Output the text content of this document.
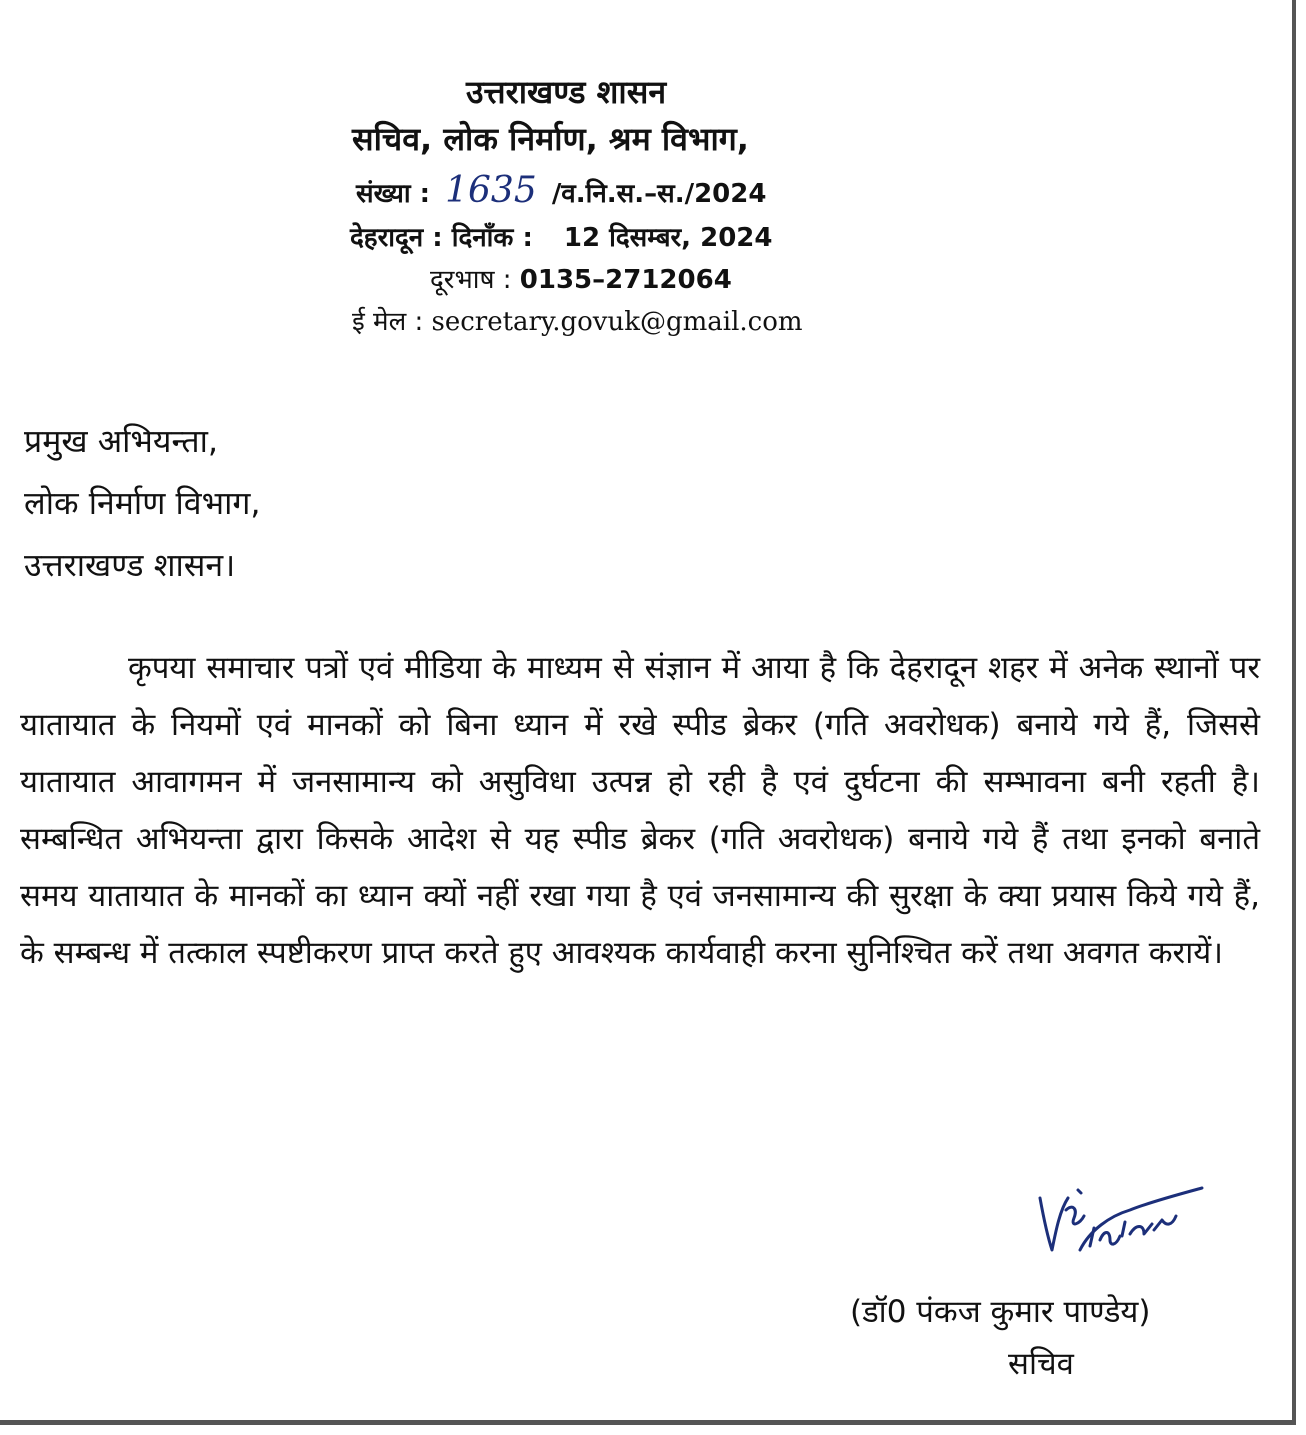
उत्तराखण्ड शासन
सचिव, लोक निर्माण, श्रम विभाग,
संख्या : 1635 /व.नि.स.–स./2024
देहरादून : दिनाँक : 12 दिसम्बर, 2024
दूरभाष : 0135–2712064
ई मेल : secretary.govuk@gmail.com
प्रमुख अभियन्ता,
लोक निर्माण विभाग,
उत्तराखण्ड शासन।
कृपया समाचार पत्रों एवं मीडिया के माध्यम से संज्ञान में आया है कि देहरादून शहर में अनेक स्थानों पर यातायात के नियमों एवं मानकों को बिना ध्यान में रखे स्पीड ब्रेकर (गति अवरोधक) बनाये गये हैं, जिससे यातायात आवागमन में जनसामान्य को असुविधा उत्पन्न हो रही है एवं दुर्घटना की सम्भावना बनी रहती है। सम्बन्धित अभियन्ता द्वारा किसके आदेश से यह स्पीड ब्रेकर (गति अवरोधक) बनाये गये हैं तथा इनको बनाते समय यातायात के मानकों का ध्यान क्यों नहीं रखा गया है एवं जनसामान्य की सुरक्षा के क्या प्रयास किये गये हैं, के सम्बन्ध में तत्काल स्पष्टीकरण प्राप्त करते हुए आवश्यक कार्यवाही करना सुनिश्चित करें तथा अवगत करायें।
(डॉ0 पंकज कुमार पाण्डेय)
सचिव
